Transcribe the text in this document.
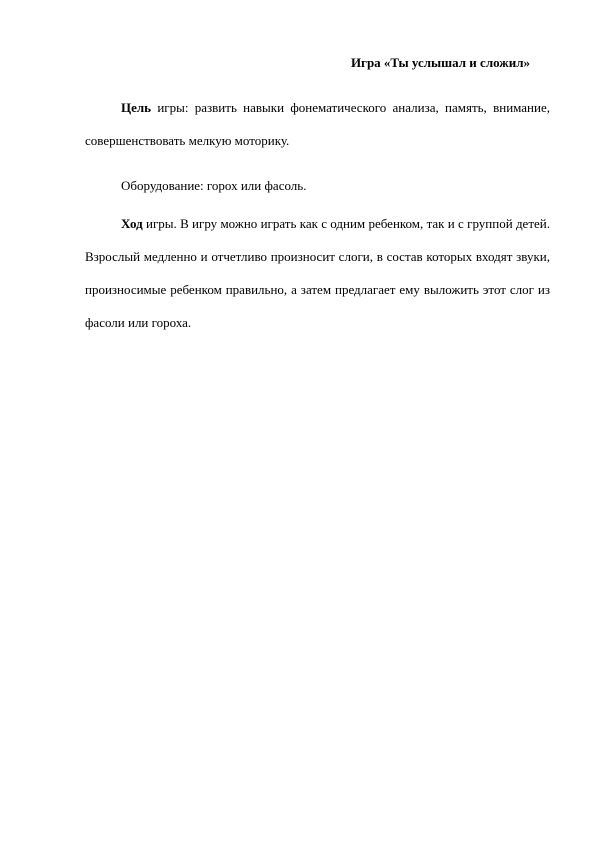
Игра «Ты услышал и сложил»

Цель игры: развить навыки фонематического анализа, память, внимание, совершенствовать мелкую моторику.

Оборудование: горох или фасоль.

Ход игры. В игру можно играть как с одним ребенком, так и с группой детей. Взрослый медленно и отчетливо произносит слоги, в состав которых входят звуки, произносимые ребенком правильно, а затем предлагает ему выложить этот слог из фасоли или гороха.
